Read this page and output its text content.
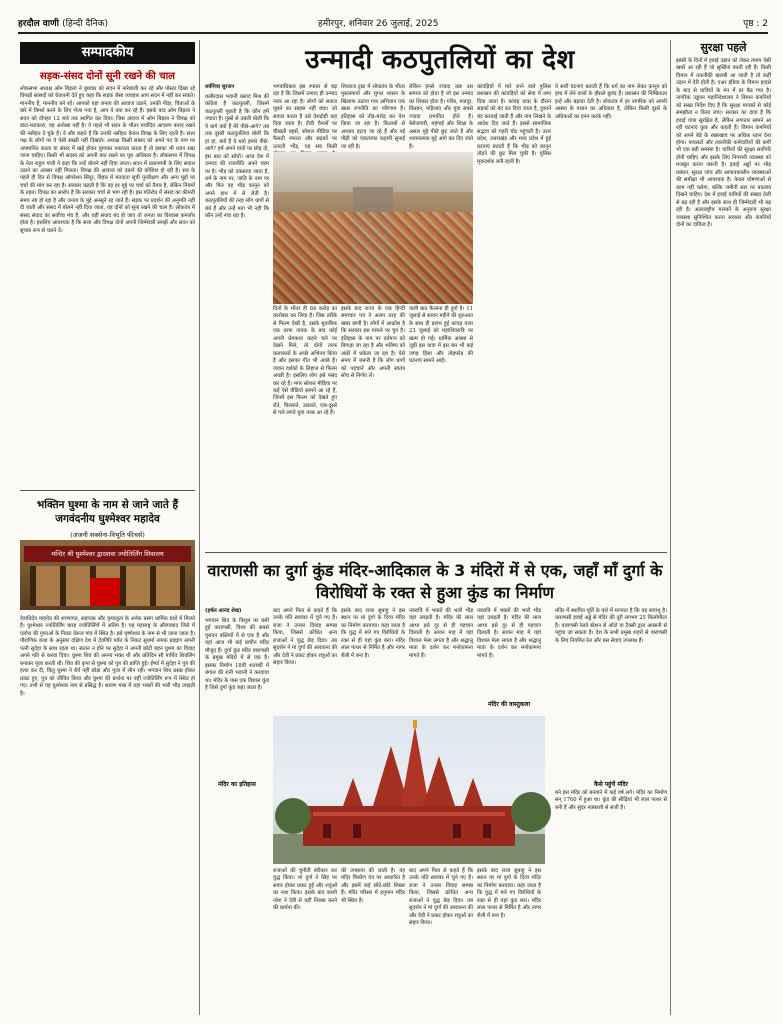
हरदौल वाणी (हिन्दी दैनिक)	हमीरपुर, शनिवार 26 जुलाई, 2025	पृष्ठ : 2
सम्पादकीय
सड़क-संसद दोनों सूनी रखने की चाल
लोकसभा अध्यक्ष ओम बिड़ला ने बुधवार को सदन में नारेबाजी कर रहे और पोस्टर दिखा रहे विपक्षी सांसदों को चेतावनी देते हुए कहा कि सड़क जैसा व्यवहार आप सदन में नहीं कर सकते। माननीय हैं, माननीय बने रहें। आपको यहां जनता की आवाज उठाने, उनकी पीड़ा, चिंताओं के बारे में विमर्श करने के लिए भेजा गया है, आप ये क्या कर रहे हैं। इसके बाद ओम बिड़ला ने सदन को दोपहर 12 बजे तक स्थगित कर दिया। जिस अंदाज में ओम बिड़ला ने विपक्ष को डांटा-फटकारा, वह अनोखा नहीं है। वे पहले भी सदन के भीतर मर्यादित आचरण बनाए रखने की नसीहत दे चुके हैं। वे और कहते हैं कि उनकी नसीहत केवल विपक्ष के लिए रहती है। सत्ता पक्ष के लोगों पर वे ऐसी सख्ती नहीं दिखाते। अध्यक्ष किसी सांसद को अपने पद के नाम पर अपमानित करता या संसद में खड़े होकर घुमाकर नकारता करता है तो इसका भी ध्यान रखा जाना चाहिए। किसी भी सदस्य को अपनी बात रखने का पूरा अधिकार है। लोकसभा में विपक्ष के नेता राहुल गांधी ने कहा कि उन्हें बोलने नहीं दिया जाता। सदन में प्रधानमंत्री के लिए सवाल उठाने का अवसर नहीं मिलता। विपक्ष की आवाज को दबाने की कोशिश हो रही है। सत्र के पहले ही दिन से विपक्ष ऑपरेशन सिंदूर, बिहार में मतदाता सूची पुनरीक्षण और अन्य मुद्दों पर चर्चा की मांग कर रहा है। सरकार कहती है कि वह हर मुद्दे पर चर्चा को तैयार है, लेकिन नियमों के तहत। विपक्ष का आरोप है कि सरकार चर्चा से भाग रही है। इस गतिरोध में संसद का कीमती समय नष्ट हो रहा है और जनता के मुद्दे अनसुने रह जाते हैं। सड़क पर प्रदर्शन की अनुमति नहीं दी जाती और संसद में बोलने नहीं दिया जाता, यह दोनों को सूना रखने की चाल है। लोकतंत्र में संसद संवाद का सर्वोच्च मंच है, और यहीं संवाद बंद हो जाए तो जनता का विश्वास कमजोर होता है। इसलिए आवश्यक है कि सत्ता और विपक्ष दोनों अपनी जिम्मेदारी समझें और सदन को सुचारु रूप से चलने दें।
भक्तिन घुश्मा के नाम से जाने जाते हैं जगवंदनीय घुश्मेश्वर महादेव
(अंजनी सक्सेना-विभूति फीचर्स)
मन्दिर श्री घुश्मेश्वर द्वादशवा ज्योतिर्लिंग शिवालय
देवाधिदेव महादेव की शरणागत, सहायक और कृपालुता के अनेक प्रसंग धार्मिक ग्रंथों में मिलते हैं। घुश्मेश्वर ज्योतिर्लिंग बारह ज्योतिर्लिंगों में अंतिम है। यह महाराष्ट्र के औरंगाबाद जिले में एलोरा की गुफाओं के निकट वेरूल गांव में स्थित है। इसे घृष्णेश्वर के नाम से भी जाना जाता है। पौराणिक कथा के अनुसार दक्षिण देश में देवगिरि पर्वत के निकट सुधर्मा नामक ब्राह्मण अपनी पत्नी सुदेहा के साथ रहता था। संतान न होने पर सुदेहा ने अपनी छोटी बहन घुश्मा का विवाह अपने पति से करवा दिया। घुश्मा शिव की अनन्य भक्त थी और प्रतिदिन सौ पार्थिव शिवलिंग बनाकर पूजा करती थी। शिव की कृपा से घुश्मा को पुत्र की प्राप्ति हुई। ईर्ष्या में सुदेहा ने पुत्र की हत्या कर दी, किंतु घुश्मा ने धैर्य नहीं छोड़ा और पूजा में लीन रही। भगवान शिव प्रसन्न होकर प्रकट हुए, पुत्र को जीवित किया और घुश्मा की प्रार्थना पर वहीं ज्योतिर्लिंग रूप में स्थित हो गए। तभी से यह घुश्मेश्वर नाम से प्रसिद्ध है। श्रावण मास में यहां भक्तों की भारी भीड़ उमड़ती है।
उन्मादी कठपुतलियों का देश
सर्वमित्रा सुरजन
कबीरदास भवानी प्रसाद मिश्र की कविता है कठपुतली, जिसमें कठपुतली पूछती है कि कौन हमें नचाता है। गुस्से से उबली बोली कि ये धागे क्यों हैं मेरे पीछे-आगे? तब तक दूसरी कठपुतलियां बोलीं कि हां हां, क्यों हैं ये धागे हमारे पीछे-आगे? हमें अपने पांवों पर छोड़ दो, इस बात को सोचो। आज देश में उन्माद की राजनीति अपने चरम पर है। भीड़ को उकसाया जाता है, धर्म के नाम पर, जाति के नाम पर और फिर वह भीड़ कानून को अपने हाथ में ले लेती है। कठपुतलियों की तरह लोग धागों से बंधे हैं और उन्हें पता भी नहीं कि कौन उन्हें नचा रहा है।
भगवाधिकार इस रफ्तार से बढ़ रहा है कि जिसमें उन्माद ही उन्माद नजर आ रहा है। लोगों को सवाल पूछने का साहस नहीं बचा। जो सवाल करता है उसे देशद्रोही कह दिया जाता है। टीवी चैनलों पर चीखती बहसें, सोशल मीडिया पर फैलती नफरत और सड़कों पर उतरती भीड़, यह सब किसी
शिवराज ट्रस्ट में लोकतंत्र के भीतर मुसलमानों और मुगल शासन के खिलाफ उठाया गया अभियान एक खास रणनीति का परिणाम है। इतिहास को तोड़-मरोड़ कर पेश किया जा रहा है। किताबों से अध्याय हटाए जा रहे हैं और नई पीढ़ी को एकतरफा कहानी सुनाई जा रही है।
लेकिन इनसे ज्यादा कष्ट उस समाज को होता है जो इस उन्माद का शिकार होता है। गरीब, मजदूर, किसान, महिलाएं और युवा सबसे ज्यादा प्रभावित होते हैं। बेरोजगारी, महंगाई और शिक्षा के असल मुद्दे पीछे छूट जाते हैं और भावनात्मक मुद्दे आगे कर दिए जाते हैं।
कांवड़ियों में मारे जाने वाले पुलिस प्रशासन की कांवड़ियों को सेवा में लगा दिया जाता है। कांवड़ यात्रा के दौरान सड़कों को बंद कर दिया जाता है, दुकानें बंद करवाई जाती हैं और नाम लिखने के आदेश दिए जाते हैं। इससे सामाजिक सद्भाव को गहरी चोट पहुंचती है। उत्तर प्रदेश, उत्तराखंड और मध्य प्रदेश में हुई घटनाएं बताती हैं कि भीड़ को कानून तोड़ने की छूट मिल चुकी है। पुलिस मूकदर्शक बनी रहती है।
दिनों के भीतर ही 84 करोड़ का कारोबार कर लिया है। जिस तरीके से फिल्म देखी है, उसके मुताबिक एक तरफ नायक के बाद कोई अपनी प्रेमकथा कहने चले पर देखने मिले, तो दोनों तरफ कलाकारों के अच्छे अभिनय किया है और इसका गीत भी अच्छे हैं। जवान दर्शकों के लिहाज से फिल्म अच्छी है। इसलिए लोग इसे पसंद कर रहे हैं। मगर सोशल मीडिया पर कई ऐसे वीडियो सामने आ रहे हैं, जिनमें इस फिल्म को देखते हुए रोते, चिल्लाते, उछलते, एक-दूसरे से गले लगते युवा नजर आ रहे हैं।
इसके बाद राज्य के एक हिन्दी समाचार पत्र ने अलग तरह की खबर छापी है। लोगों में आक्रोश है कि सरकार इस मामले पर चुप है। इतिहास के नाम पर वर्तमान को बिगाड़ा जा रहा है और भविष्य को अंधेरे में धकेला जा रहा है। ऐसे समय में जरूरी है कि लोग धागों को पहचानें और अपनी स्वतंत्र सोच से निर्णय लें।
वाली बात फैलाना ही दुर्गा है। 11 जुलाई से सावन महीने की शुरुआत के साथ ही प्रारंभ हुई कांवड़ यात्रा 23 जुलाई को महाशिवरात्रि पर खत्म हो गई। धार्मिक आस्था से जुड़ी इस यात्रा में इस बार भी कई जगह हिंसा और तोड़फोड़ की घटनाएं सामने आईं।
ये सारी घटनाएं बताती हैं कि धर्म का नाम लेकर कानून को हाथ में लेने वालों के हौसले बुलंद हैं। प्रशासन की निष्क्रियता इन्हें और बढ़ावा देती है। लोकतंत्र में हर नागरिक को अपनी आस्था के पालन का अधिकार है, लेकिन किसी दूसरे के अधिकारों का हनन करके नहीं।
सुरक्षा पहले
झांसी के दिनों में हवाई उड़ान को लेकर तमाम ऐसी खबरें आ रही हैं जो सुर्खियां बनती रही हैं। किसी विमान में तकनीकी खराबी आ जाती है तो कहीं उड़ान में देरी होती है। एअर इंडिया के विमान हादसे के बाद से यात्रियों के मन में डर बैठ गया है। नागरिक उड्डयन महानिदेशालय ने विमान कंपनियों को सख्त निर्देश दिए हैं कि सुरक्षा मानकों से कोई समझौता न किया जाए। सरकार का दावा है कि हवाई यात्रा सुरक्षित है, लेकिन लगातार सामने आ रही घटनाएं कुछ और कहती हैं। विमान कंपनियों को अपने बेड़े के रखरखाव पर अधिक ध्यान देना होगा। पायलटों और तकनीकी कर्मचारियों की कमी भी एक बड़ी समस्या है। यात्रियों की सुरक्षा सर्वोपरि होनी चाहिए और इसके लिए निगरानी व्यवस्था को मजबूत करना जरूरी है। हवाई अड्डों पर भीड़ प्रबंधन, सुरक्षा जांच और आपातकालीन व्यवस्थाओं की समीक्षा भी आवश्यक है। केवल घोषणाओं से काम नहीं चलेगा, बल्कि जमीनी स्तर पर बदलाव दिखने चाहिए। देश में हवाई यात्रियों की संख्या तेजी से बढ़ रही है और इसके साथ ही जिम्मेदारी भी बढ़ रही है। अंतरराष्ट्रीय मानकों के अनुरूप सुरक्षा व्यवस्था सुनिश्चित करना सरकार और कंपनियों दोनों का दायित्व है।
वाराणसी का दुर्गा कुंड मंदिर-आदिकाल के 3 मंदिरों में से एक, जहाँ माँ दुर्गा के विरोधियों के रक्त से हुआ कुंड का निर्माण
(हर्षल आनंद शेख)
भगवान शिव के त्रिशूल पर बसी हुई वाराणसी, विश्व की सबसे पुरातन बस्तियों में से एक है और यहां आज भी कई प्राचीन मंदिर मौजूद हैं। दुर्गा कुंड मंदिर वाराणसी के प्रमुख मंदिरों में से एक है। इसका निर्माण 18वीं शताब्दी में बंगाल की रानी भवानी ने करवाया था। मंदिर के पास एक विशाल कुंड है जिसे दुर्गा कुंड कहा जाता है।
मंदिर का इतिहास
बाद अपने पिता से कहते हैं कि उनके पति स्वयंवर में चुने गए हैं। राजा ने उनका विवाह सम्पन्न किया, जिससे क्रोधित अन्य राजाओं ने युद्ध छेड़ दिया। तब सुदर्शन ने मां दुर्गा की आराधना की और देवी ने प्रकट होकर शत्रुओं का संहार किया।
इसके बाद राजा सुबाहु ने इस स्थान पर मां दुर्गा के दिव्य मंदिर का निर्माण करवाया। कहा जाता है कि युद्ध में मारे गए विरोधियों के रक्त से ही यहां कुंड बना। मंदिर लाल पत्थर से निर्मित है और नागर शैली में बना है।
नवरात्रि में भक्तों की भारी भीड़ यहां उमड़ती है। मंदिर की लाल आभा इसे दूर से ही पहचान दिलाती है। सावन माह में यहां विशाल मेला लगता है और श्रद्धालु माता के दर्शन कर मनोकामना मांगते हैं।
मंदिर की वास्तुकला
नवरात्रि में भक्तों की भारी भीड़ यहां उमड़ती है। मंदिर की लाल आभा इसे दूर से ही पहचान दिलाती है। सावन माह में यहां विशाल मेला लगता है और श्रद्धालु माता के दर्शन कर मनोकामना मांगते हैं।
कैसे पहुंचें मंदिर
मंदिर में स्थापित मूर्ति के बारे में मान्यता है कि यह स्वयंभू है। वाराणसी हवाई अड्डे से मंदिर की दूरी लगभग 25 किलोमीटर है। वाराणसी रेलवे स्टेशन से ऑटो या टैक्सी द्वारा आसानी से पहुंचा जा सकता है। देश के सभी प्रमुख शहरों से वाराणसी के लिए नियमित रेल और बस सेवाएं उपलब्ध हैं।
बने इस मंदिर को बनवाने में कई वर्ष लगे। मंदिर का निर्माण सन् 1760 में हुआ था। कुंड की सीढ़ियां भी लाल पत्थर से बनी हैं और सुंदर नक्काशी से सजी हैं।
राजाओं की चुनौती स्वीकार कर युद्ध किया। मां दुर्गा ने सिंह पर सवार होकर प्रकट हुईं और शत्रुओं का नाश किया। इसके बाद काशी नरेश ने देवी से यहीं निवास करने की प्रार्थना की।
की उपासना की जाती है। यह मंदिर त्रिकोण यंत्र पर आधारित है और इसमें कई छोटे-छोटे शिखर हैं। मंदिर परिसर में हनुमान मंदिर भी स्थित है।
बाद अपने पिता से कहते हैं कि उनके पति स्वयंवर में चुने गए हैं। राजा ने उनका विवाह सम्पन्न किया, जिससे क्रोधित अन्य राजाओं ने युद्ध छेड़ दिया। तब सुदर्शन ने मां दुर्गा की आराधना की और देवी ने प्रकट होकर शत्रुओं का संहार किया।
इसके बाद राजा सुबाहु ने इस स्थान पर मां दुर्गा के दिव्य मंदिर का निर्माण करवाया। कहा जाता है कि युद्ध में मारे गए विरोधियों के रक्त से ही यहां कुंड बना। मंदिर लाल पत्थर से निर्मित है और नागर शैली में बना है।
